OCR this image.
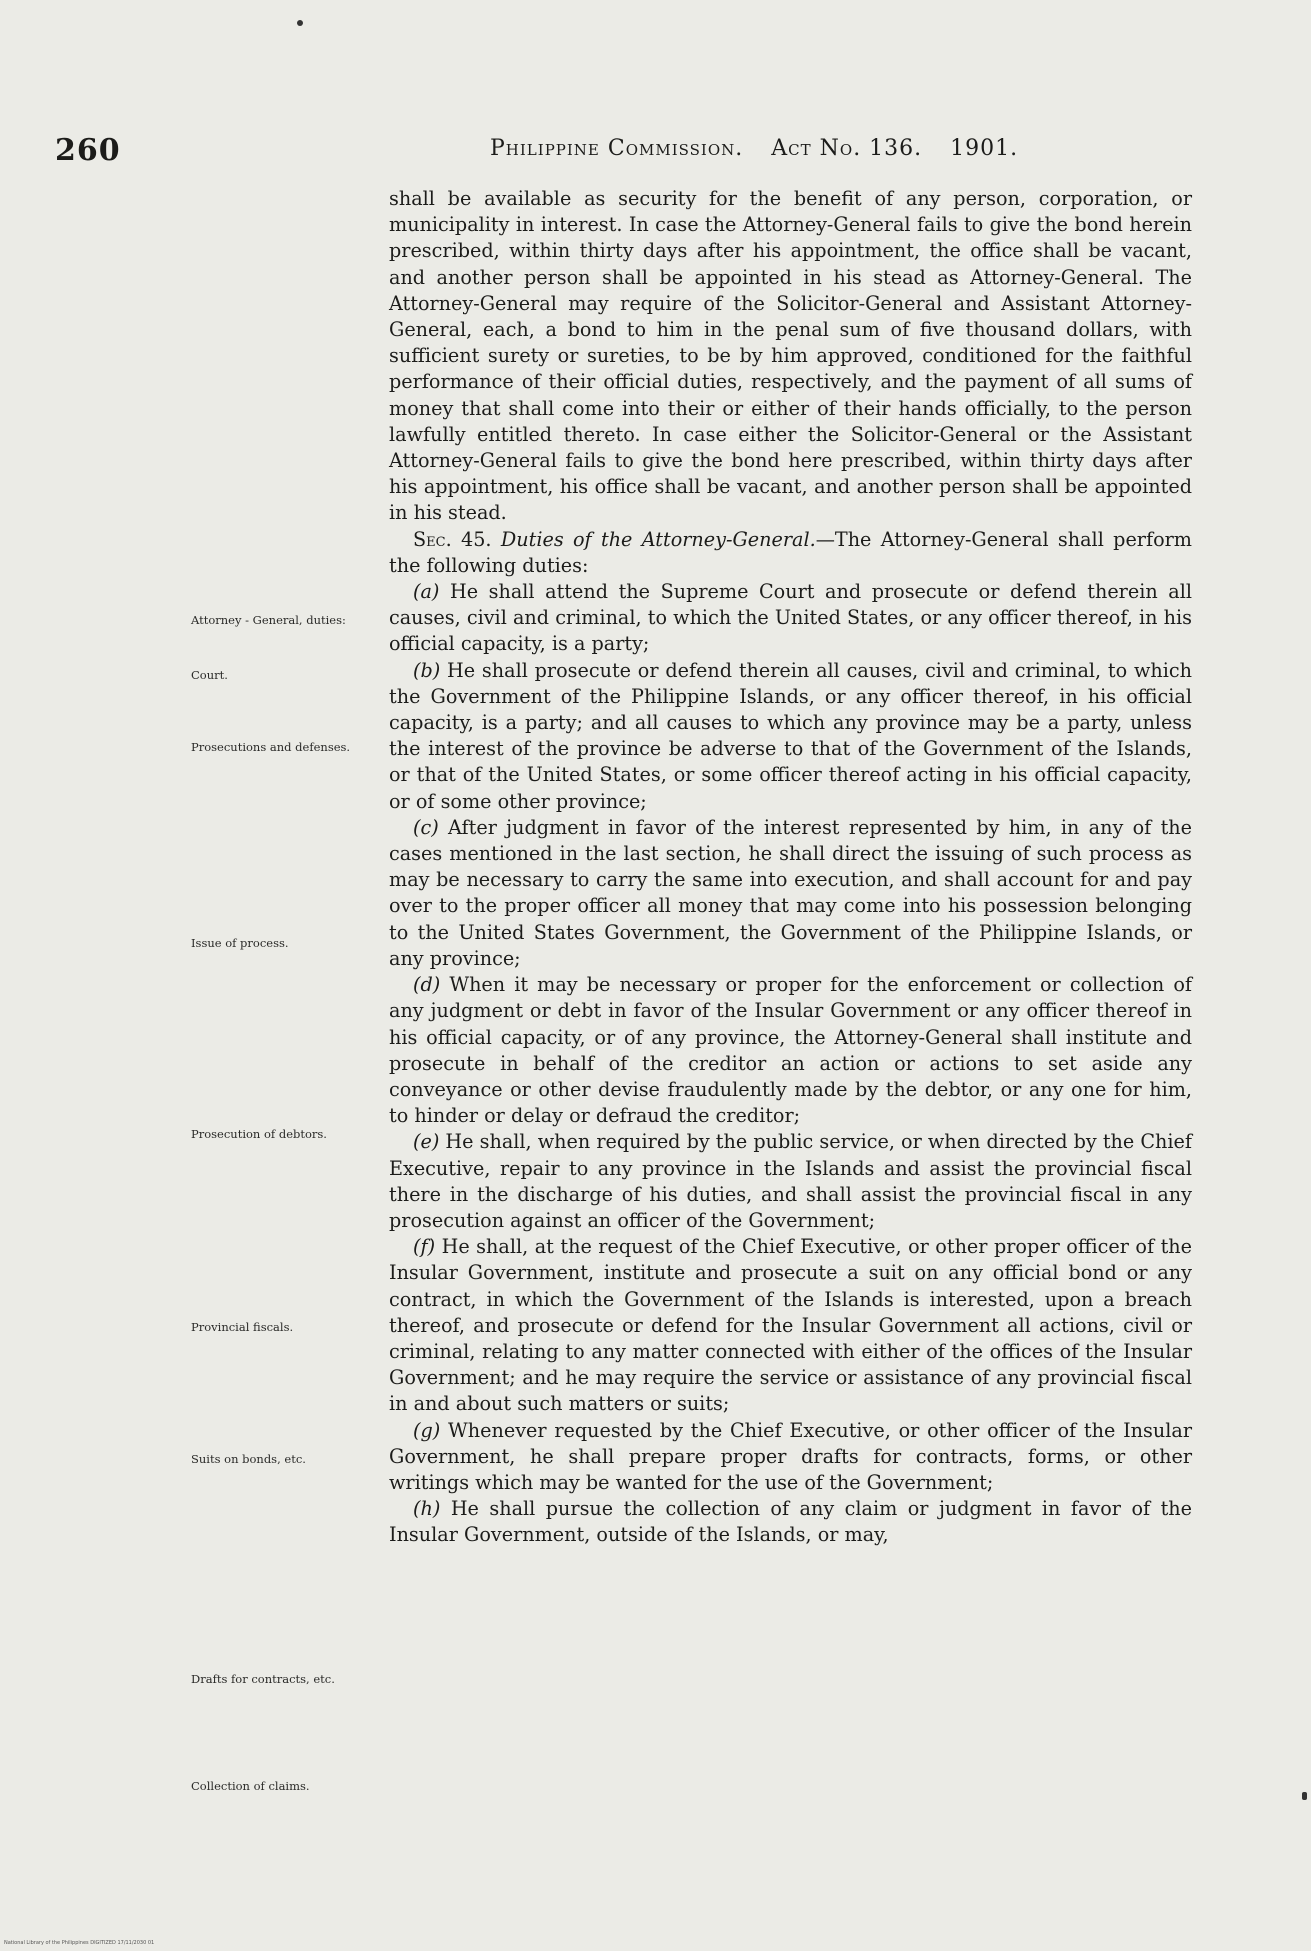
260	Philippine Commission. Act No. 136. 1901.
Attorney - General, duties:
Court.
Prosecutions and defenses.
Issue of process.
Prosecution of debtors.
Provincial fiscals.
Suits on bonds, etc.
Drafts for contracts, etc.
Collection of claims.

shall be available as security for the benefit of any person, corporation, or municipality in interest. In case the Attorney-General fails to give the bond herein prescribed, within thirty days after his appointment, the office shall be vacant, and another person shall be appointed in his stead as Attorney-General. The Attorney-General may require of the Solicitor-General and Assistant Attorney-General, each, a bond to him in the penal sum of five thousand dollars, with sufficient surety or sureties, to be by him approved, conditioned for the faithful performance of their official duties, respectively, and the payment of all sums of money that shall come into their or either of their hands officially, to the person lawfully entitled thereto. In case either the Solicitor-General or the Assistant Attorney-General fails to give the bond here prescribed, within thirty days after his appointment, his office shall be vacant, and another person shall be appointed in his stead.

Sec. 45. Duties of the Attorney-General.—The Attorney-General shall perform the following duties:

(a) He shall attend the Supreme Court and prosecute or defend therein all causes, civil and criminal, to which the United States, or any officer thereof, in his official capacity, is a party;

(b) He shall prosecute or defend therein all causes, civil and criminal, to which the Government of the Philippine Islands, or any officer thereof, in his official capacity, is a party; and all causes to which any province may be a party, unless the interest of the province be adverse to that of the Government of the Islands, or that of the United States, or some officer thereof acting in his official capacity, or of some other province;

(c) After judgment in favor of the interest represented by him, in any of the cases mentioned in the last section, he shall direct the issuing of such process as may be necessary to carry the same into execution, and shall account for and pay over to the proper officer all money that may come into his possession belonging to the United States Government, the Government of the Philippine Islands, or any province;

(d) When it may be necessary or proper for the enforcement or collection of any judgment or debt in favor of the Insular Government or any officer thereof in his official capacity, or of any province, the Attorney-General shall institute and prosecute in behalf of the creditor an action or actions to set aside any conveyance or other devise fraudulently made by the debtor, or any one for him, to hinder or delay or defraud the creditor;

(e) He shall, when required by the public service, or when directed by the Chief Executive, repair to any province in the Islands and assist the provincial fiscal there in the discharge of his duties, and shall assist the provincial fiscal in any prosecution against an officer of the Government;

(f) He shall, at the request of the Chief Executive, or other proper officer of the Insular Government, institute and prosecute a suit on any official bond or any contract, in which the Government of the Islands is interested, upon a breach thereof, and prosecute or defend for the Insular Government all actions, civil or criminal, relating to any matter connected with either of the offices of the Insular Government; and he may require the service or assistance of any provincial fiscal in and about such matters or suits;

(g) Whenever requested by the Chief Executive, or other officer of the Insular Government, he shall prepare proper drafts for contracts, forms, or other writings which may be wanted for the use of the Government;

(h) He shall pursue the collection of any claim or judgment in favor of the Insular Government, outside of the Islands, or may,

National Library of the Philippines DIGITIZED 17/11/2030 01
